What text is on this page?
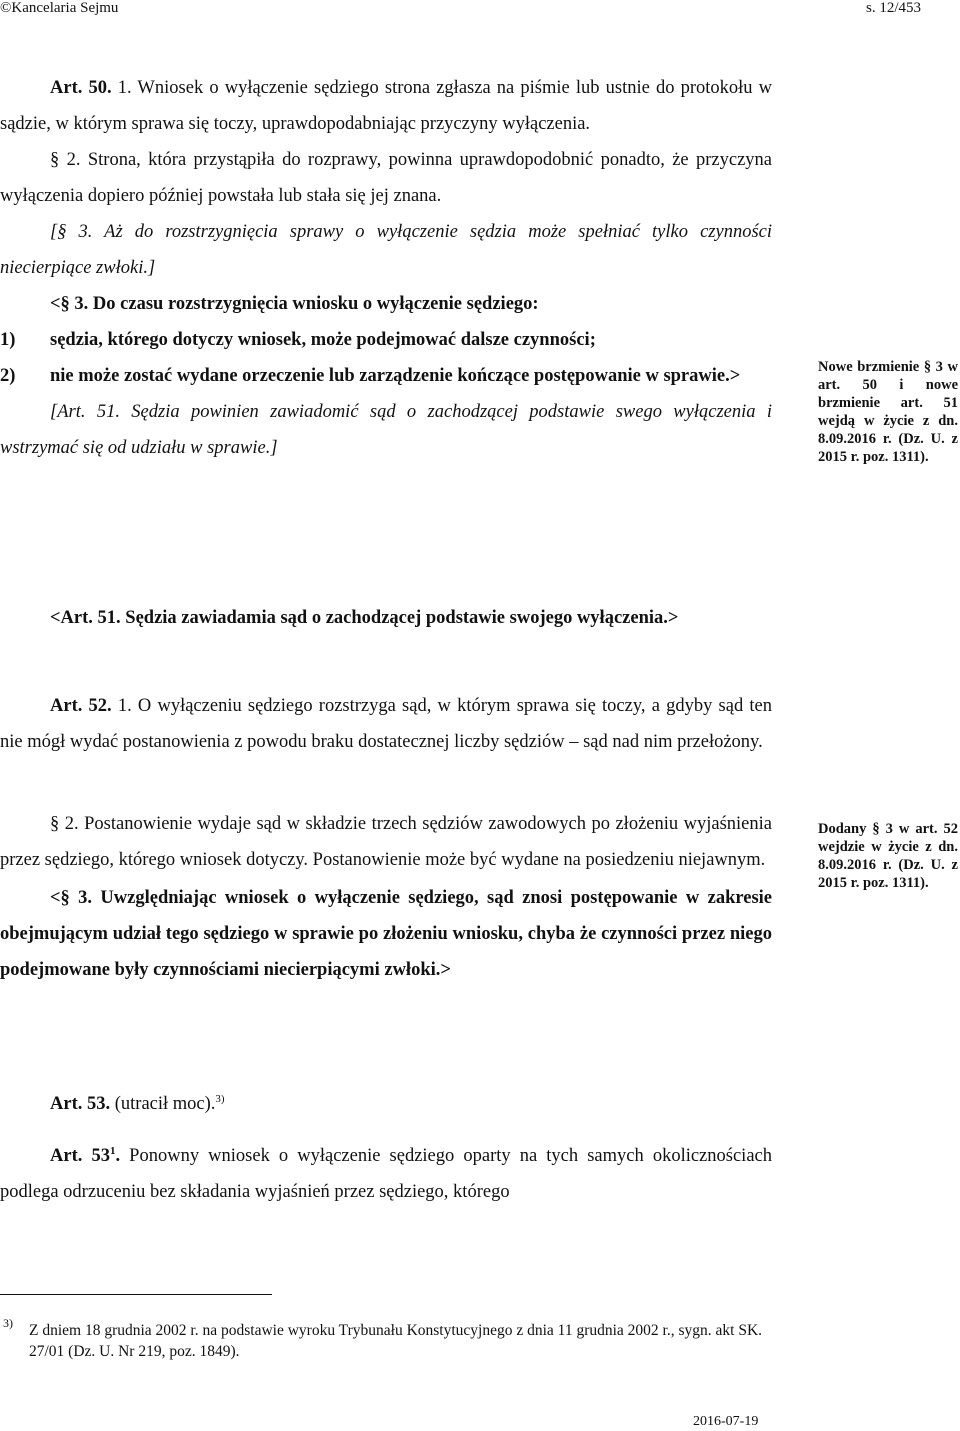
©Kancelaria Sejmu	s. 12/453

Art. 50. 1. Wniosek o wyłączenie sędziego strona zgłasza na piśmie lub ustnie do protokołu w sądzie, w którym sprawa się toczy, uprawdopodabniając przyczyny wyłączenia.

§ 2. Strona, która przystąpiła do rozprawy, powinna uprawdopodobnić ponadto, że przyczyna wyłączenia dopiero później powstała lub stała się jej znana.

[§ 3. Aż do rozstrzygnięcia sprawy o wyłączenie sędzia może spełniać tylko czynności niecierpiące zwłoki.]

<§ 3. Do czasu rozstrzygnięcia wniosku o wyłączenie sędziego:

1)	sędzia, którego dotyczy wniosek, może podejmować dalsze czynności;
2)	nie może zostać wydane orzeczenie lub zarządzenie kończące postępowanie w sprawie.>

[Art. 51. Sędzia powinien zawiadomić sąd o zachodzącej podstawie swego wyłączenia i wstrzymać się od udziału w sprawie.]

<Art. 51. Sędzia zawiadamia sąd o zachodzącej podstawie swojego wyłączenia.>

Art. 52. 1. O wyłączeniu sędziego rozstrzyga sąd, w którym sprawa się toczy, a gdyby sąd ten nie mógł wydać postanowienia z powodu braku dostatecznej liczby sędziów – sąd nad nim przełożony.

§ 2. Postanowienie wydaje sąd w składzie trzech sędziów zawodowych po złożeniu wyjaśnienia przez sędziego, którego wniosek dotyczy. Postanowienie może być wydane na posiedzeniu niejawnym.

<§ 3. Uwzględniając wniosek o wyłączenie sędziego, sąd znosi postępowanie w zakresie obejmującym udział tego sędziego w sprawie po złożeniu wniosku, chyba że czynności przez niego podejmowane były czynnościami niecierpiącymi zwłoki.>

Art. 53. (utracił moc).$^{3)}$

Art. $53^1$. Ponowny wniosek o wyłączenie sędziego oparty na tych samych okolicznościach podlega odrzuceniu bez składania wyjaśnień przez sędziego, którego

Nowe brzmienie § 3 w art. 50 i nowe brzmienie art. 51 wejdą w życie z dn. 8.09.2016 r. (Dz. U. z 2015 r. poz. 1311).
Dodany § 3 w art. 52 wejdzie w życie z dn. 8.09.2016 r. (Dz. U. z 2015 r. poz. 1311).
3) Z dniem 18 grudnia 2002 r. na podstawie wyroku Trybunału Konstytucyjnego z dnia 11 grudnia 2002 r., sygn. akt SK. 27/01 (Dz. U. Nr 219, poz. 1849).
2016-07-19
